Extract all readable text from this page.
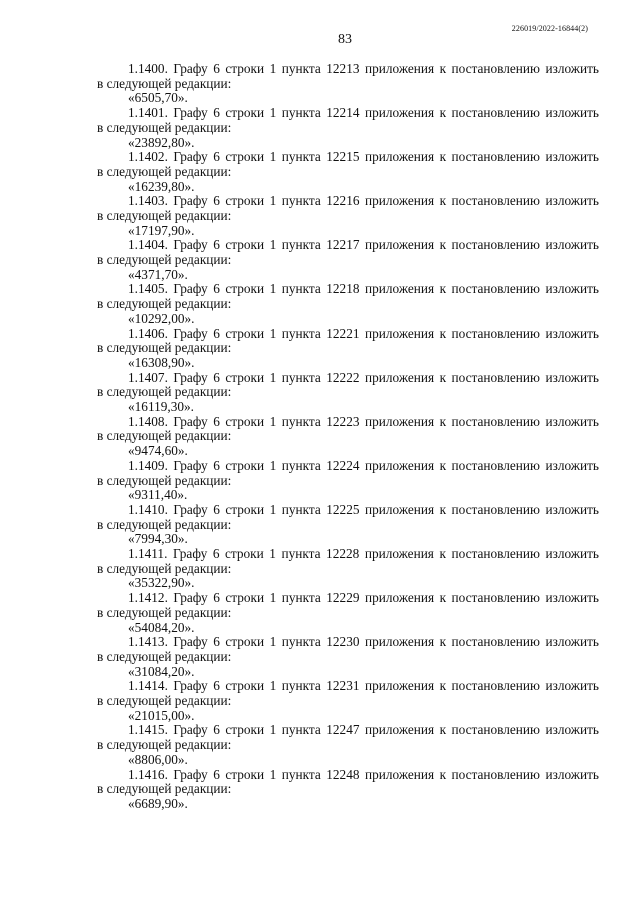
226019/2022-16844(2)
83
1.1400. Графу 6 строки 1 пункта 12213 приложения к постановлению изложить
в следующей редакции:
«6505,70».
1.1401. Графу 6 строки 1 пункта 12214 приложения к постановлению изложить
в следующей редакции:
«23892,80».
1.1402. Графу 6 строки 1 пункта 12215 приложения к постановлению изложить
в следующей редакции:
«16239,80».
1.1403. Графу 6 строки 1 пункта 12216 приложения к постановлению изложить
в следующей редакции:
«17197,90».
1.1404. Графу 6 строки 1 пункта 12217 приложения к постановлению изложить
в следующей редакции:
«4371,70».
1.1405. Графу 6 строки 1 пункта 12218 приложения к постановлению изложить
в следующей редакции:
«10292,00».
1.1406. Графу 6 строки 1 пункта 12221 приложения к постановлению изложить
в следующей редакции:
«16308,90».
1.1407. Графу 6 строки 1 пункта 12222 приложения к постановлению изложить
в следующей редакции:
«16119,30».
1.1408. Графу 6 строки 1 пункта 12223 приложения к постановлению изложить
в следующей редакции:
«9474,60».
1.1409. Графу 6 строки 1 пункта 12224 приложения к постановлению изложить
в следующей редакции:
«9311,40».
1.1410. Графу 6 строки 1 пункта 12225 приложения к постановлению изложить
в следующей редакции:
«7994,30».
1.1411. Графу 6 строки 1 пункта 12228 приложения к постановлению изложить
в следующей редакции:
«35322,90».
1.1412. Графу 6 строки 1 пункта 12229 приложения к постановлению изложить
в следующей редакции:
«54084,20».
1.1413. Графу 6 строки 1 пункта 12230 приложения к постановлению изложить
в следующей редакции:
«31084,20».
1.1414. Графу 6 строки 1 пункта 12231 приложения к постановлению изложить
в следующей редакции:
«21015,00».
1.1415. Графу 6 строки 1 пункта 12247 приложения к постановлению изложить
в следующей редакции:
«8806,00».
1.1416. Графу 6 строки 1 пункта 12248 приложения к постановлению изложить
в следующей редакции:
«6689,90».
